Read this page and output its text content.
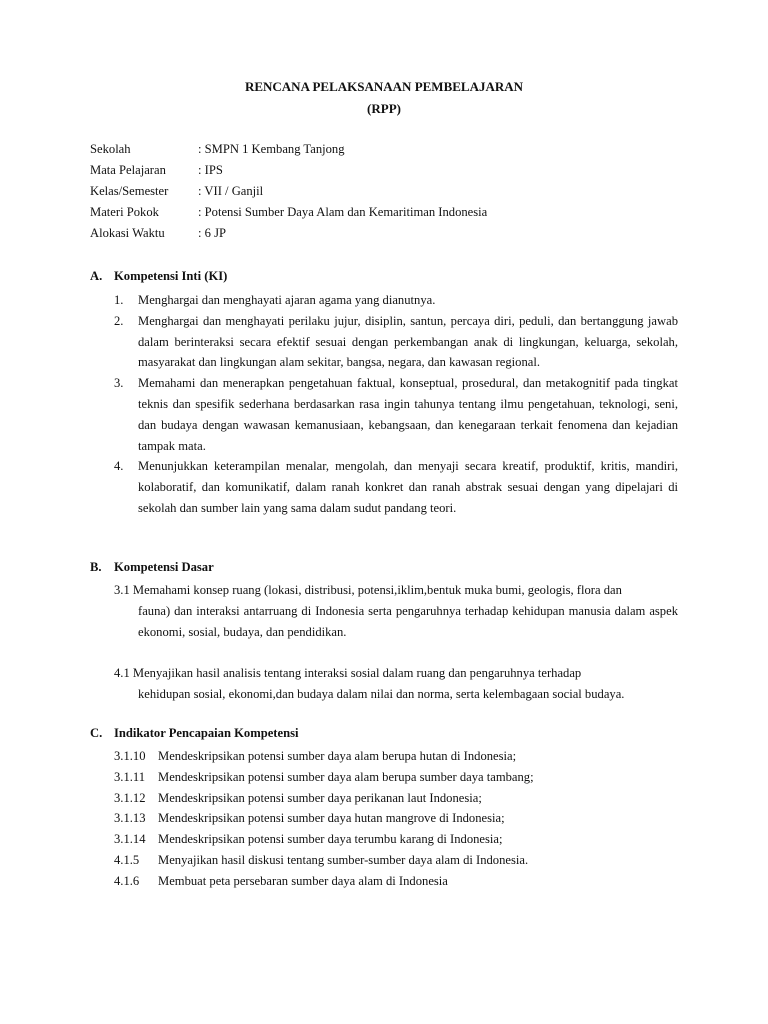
RENCANA PELAKSANAAN PEMBELAJARAN
(RPP)
Sekolah	: SMPN 1 Kembang Tanjong
Mata Pelajaran	: IPS
Kelas/Semester : VII / Ganjil
Materi Pokok	: Potensi Sumber Daya Alam dan Kemaritiman Indonesia
Alokasi Waktu	: 6 JP
A. Kompetensi Inti (KI)
1. Menghargai dan menghayati ajaran agama yang dianutnya.
2. Menghargai dan menghayati perilaku jujur, disiplin, santun, percaya diri, peduli, dan bertanggung jawab dalam berinteraksi secara efektif sesuai dengan perkembangan anak di lingkungan, keluarga, sekolah, masyarakat dan lingkungan alam sekitar, bangsa, negara, dan kawasan regional.
3. Memahami dan menerapkan pengetahuan faktual, konseptual, prosedural, dan metakognitif pada tingkat teknis dan spesifik sederhana berdasarkan rasa ingin tahunya tentang ilmu pengetahuan, teknologi, seni, dan budaya dengan wawasan kemanusiaan, kebangsaan, dan kenegaraan terkait fenomena dan kejadian tampak mata.
4. Menunjukkan keterampilan menalar, mengolah, dan menyaji secara kreatif, produktif, kritis, mandiri, kolaboratif, dan komunikatif, dalam ranah konkret dan ranah abstrak sesuai dengan yang dipelajari di sekolah dan sumber lain yang sama dalam sudut pandang teori.
B. Kompetensi Dasar
3.1 Memahami konsep ruang (lokasi, distribusi, potensi,iklim,bentuk muka bumi, geologis, flora dan
fauna) dan interaksi antarruang di Indonesia serta pengaruhnya terhadap kehidupan manusia dalam aspek ekonomi, sosial, budaya, dan pendidikan.
4.1 Menyajikan hasil analisis tentang interaksi sosial dalam ruang dan pengaruhnya terhadap
kehidupan sosial, ekonomi,dan budaya dalam nilai dan norma, serta kelembagaan social budaya.
C. Indikator Pencapaian Kompetensi
3.1.10 Mendeskripsikan potensi sumber daya alam berupa hutan di Indonesia;
3.1.11 Mendeskripsikan potensi sumber daya alam berupa sumber daya tambang;
3.1.12 Mendeskripsikan potensi sumber daya perikanan laut Indonesia;
3.1.13 Mendeskripsikan potensi sumber daya hutan mangrove di Indonesia;
3.1.14 Mendeskripsikan potensi sumber daya terumbu karang di Indonesia;
4.1.5 Menyajikan hasil diskusi tentang sumber-sumber daya alam di Indonesia.
4.1.6 Membuat peta persebaran sumber daya alam di Indonesia
